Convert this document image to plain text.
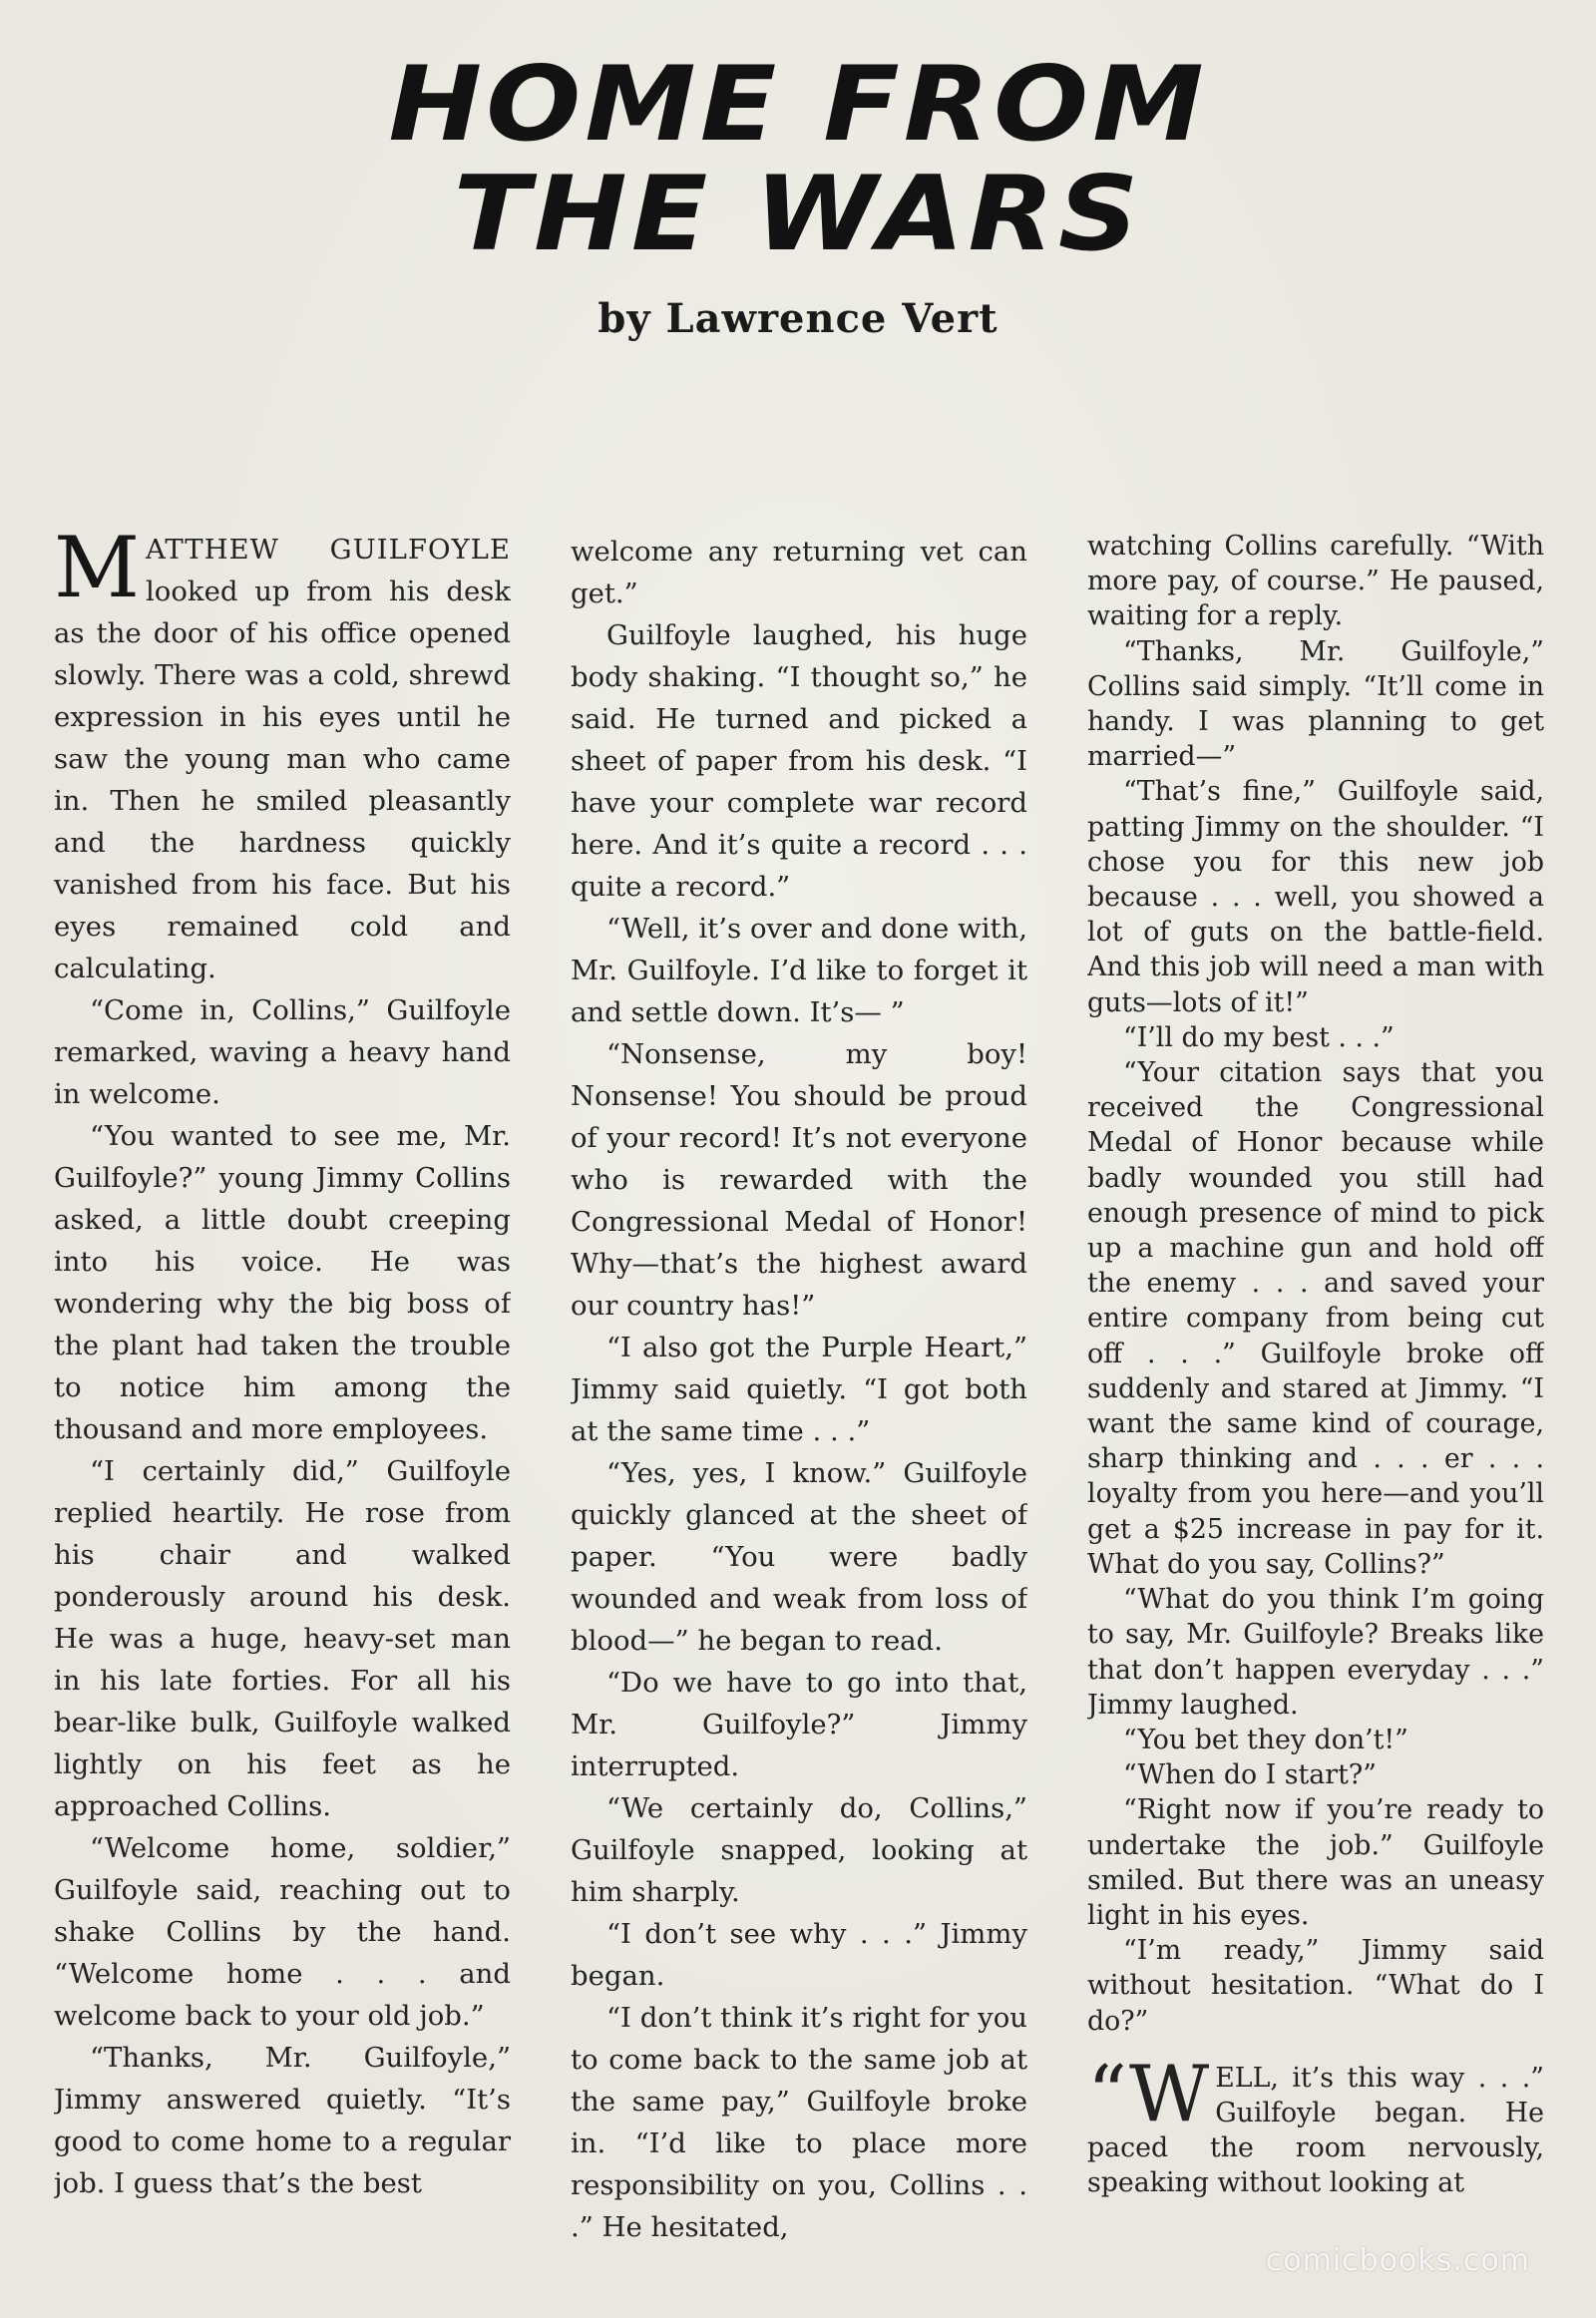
HOME FROM
THE WARS
by Lawrence Vert

MATTHEW GUILFOYLE looked up from his desk as the door of his office opened slowly. There was a cold, shrewd expression in his eyes until he saw the young man who came in. Then he smiled pleasantly and the hardness quickly vanished from his face. But his eyes remained cold and calculating.

“Come in, Collins,” Guilfoyle remarked, waving a heavy hand in welcome.

“You wanted to see me, Mr. Guilfoyle?” young Jimmy Collins asked, a little doubt creeping into his voice. He was wondering why the big boss of the plant had taken the trouble to notice him among the thousand and more employees.

“I certainly did,” Guilfoyle replied heartily. He rose from his chair and walked ponderously around his desk. He was a huge, heavy-set man in his late forties. For all his bear-like bulk, Guilfoyle walked lightly on his feet as he approached Collins.

“Welcome home, soldier,” Guilfoyle said, reaching out to shake Collins by the hand. “Welcome home . . . and welcome back to your old job.”

“Thanks, Mr. Guilfoyle,” Jimmy answered quietly. “It’s good to come home to a regular job. I guess that’s the best

welcome any returning vet can get.”

Guilfoyle laughed, his huge body shaking. “I thought so,” he said. He turned and picked a sheet of paper from his desk. “I have your complete war record here. And it’s quite a record . . . quite a record.”

“Well, it’s over and done with, Mr. Guilfoyle. I’d like to forget it and settle down. It’s— ”

“Nonsense, my boy! Nonsense! You should be proud of your record! It’s not everyone who is rewarded with the Congressional Medal of Honor! Why—that’s the highest award our country has!”

“I also got the Purple Heart,” Jimmy said quietly. “I got both at the same time . . .”

“Yes, yes, I know.” Guilfoyle quickly glanced at the sheet of paper. “You were badly wounded and weak from loss of blood—” he began to read.

“Do we have to go into that, Mr. Guilfoyle?” Jimmy interrupted.

“We certainly do, Collins,” Guilfoyle snapped, looking at him sharply.

“I don’t see why . . .” Jimmy began.

“I don’t think it’s right for you to come back to the same job at the same pay,” Guilfoyle broke in. “I’d like to place more responsibility on you, Collins . . .” He hesitated,

watching Collins carefully. “With more pay, of course.” He paused, waiting for a reply.

“Thanks, Mr. Guilfoyle,” Collins said simply. “It’ll come in handy. I was planning to get married—”

“That’s fine,” Guilfoyle said, patting Jimmy on the shoulder. “I chose you for this new job because . . . well, you showed a lot of guts on the battle-field. And this job will need a man with guts—lots of it!”

“I’ll do my best . . .”

“Your citation says that you received the Congressional Medal of Honor because while badly wounded you still had enough presence of mind to pick up a machine gun and hold off the enemy . . . and saved your entire company from being cut off . . .” Guilfoyle broke off suddenly and stared at Jimmy. “I want the same kind of courage, sharp thinking and . . . er . . . loyalty from you here—and you’ll get a $25 increase in pay for it. What do you say, Collins?”

“What do you think I’m going to say, Mr. Guilfoyle? Breaks like that don’t happen everyday . . .” Jimmy laughed.

“You bet they don’t!”

“When do I start?”

“Right now if you’re ready to undertake the job.” Guilfoyle smiled. But there was an uneasy light in his eyes.

“I’m ready,” Jimmy said without hesitation. “What do I do?”

“W ELL, it’s this way . . .” Guilfoyle began. He paced the room nervously, speaking without looking at

comicbooks.com
